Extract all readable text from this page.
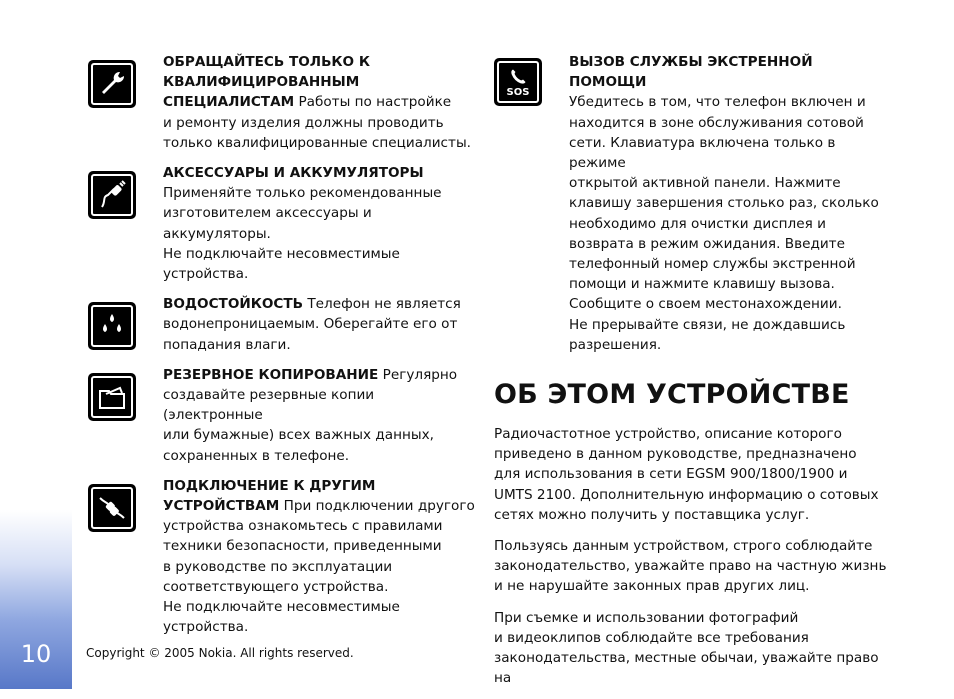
10

ОБРАЩАЙТЕСЬ ТОЛЬКО К
КВАЛИФИЦИРОВАННЫМ
СПЕЦИАЛИСТАМ Работы по настройке
и ремонту изделия должны проводить
только квалифицированные специалисты.

АКСЕССУАРЫ И АККУМУЛЯТОРЫ
Применяйте только рекомендованные
изготовителем аксессуары и аккумуляторы.
Не подключайте несовместимые
устройства.

ВОДОСТОЙКОСТЬ Телефон не является
водонепроницаемым. Оберегайте его от
попадания влаги.

РЕЗЕРВНОЕ КОПИРОВАНИЕ Регулярно
создавайте резервные копии (электронные
или бумажные) всех важных данных,
сохраненных в телефоне.

ПОДКЛЮЧЕНИЕ К ДРУГИМ
УСТРОЙСТВАМ При подключении другого
устройства ознакомьтесь с правилами
техники безопасности, приведенными
в руководстве по эксплуатации
соответствующего устройства.
Не подключайте несовместимые
устройства.

SOS

ВЫЗОВ СЛУЖБЫ ЭКСТРЕННОЙ ПОМОЩИ
Убедитесь в том, что телефон включен и
находится в зоне обслуживания сотовой
сети. Клавиатура включена только в режиме
открытой активной панели. Нажмите
клавишу завершения столько раз, сколько
необходимо для очистки дисплея и
возврата в режим ожидания. Введите
телефонный номер службы экстренной
помощи и нажмите клавишу вызова.
Сообщите о своем местонахождении.
Не прерывайте связи, не дождавшись
разрешения.

ОБ ЭТОМ УСТРОЙСТВЕ

Радиочастотное устройство, описание которого
приведено в данном руководстве, предназначено
для использования в сети EGSM 900/1800/1900 и
UMTS 2100. Дополнительную информацию о сотовых
сетях можно получить у поставщика услуг.

Пользуясь данным устройством, строго соблюдайте
законодательство, уважайте право на частную жизнь
и не нарушайте законных прав других лиц.

При съемке и использовании фотографий
и видеоклипов соблюдайте все требования
законодательства, местные обычаи, уважайте право на

Copyright © 2005 Nokia. All rights reserved.
